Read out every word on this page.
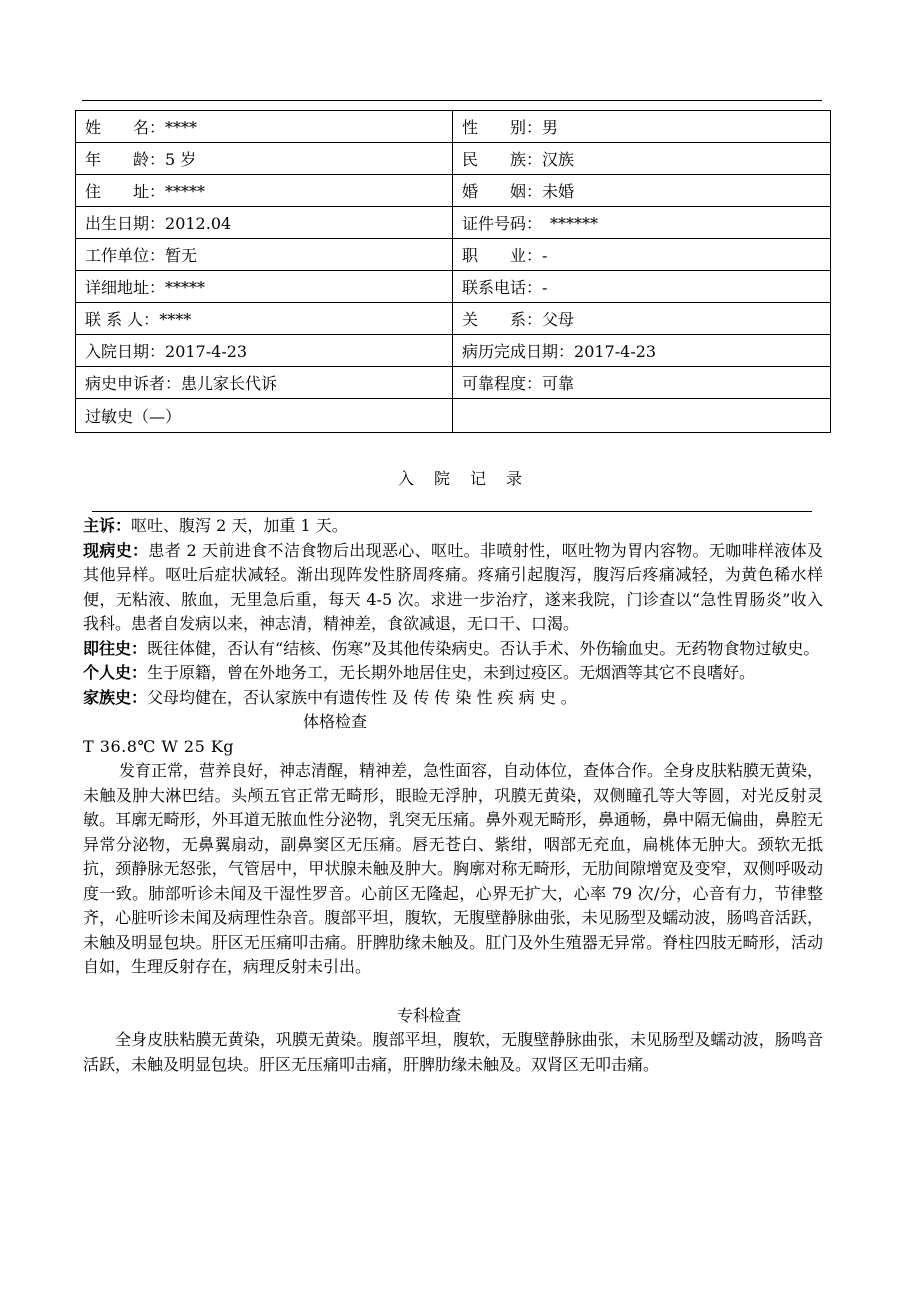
姓　　名：****	性　　别：男
年　　龄：5 岁	民　　族：汉族
住　　址：*****	婚　　姻：未婚
出生日期：2012.04	证件号码：　******
工作单位：暂无	职　　业：-
详细地址：*****	联系电话：-
联 系 人：****	关　　系：父母
入院日期：2017-4-23	病历完成日期：2017-4-23
病史申诉者：患儿家长代诉	可靠程度：可靠
过敏史（—）	
入院记录

主诉：呕吐、腹泻 2 天，加重 1 天。

现病史：患者 2 天前进食不洁食物后出现恶心、呕吐。非喷射性，呕吐物为胃内容物。无咖啡样液体及其他异样。呕吐后症状减轻。渐出现阵发性脐周疼痛。疼痛引起腹泻，腹泻后疼痛减轻，为黄色稀水样便，无粘液、脓血，无里急后重，每天 4-5 次。求进一步治疗，遂来我院，门诊查以“急性胃肠炎”收入我科。患者自发病以来，神志清，精神差，食欲减退，无口干、口渴。

即往史：既往体健，否认有“结核、伤寒”及其他传染病史。否认手术、外伤输血史。无药物食物过敏史。

个人史：生于原籍，曾在外地务工，无长期外地居住史，未到过疫区。无烟酒等其它不良嗜好。

家族史：父母均健在，否认家族中有遗传性 及 传 传 染 性 疾 病 史 。

体格检查

T 36.8℃ W 25 Kg

发育正常，营养良好，神志清醒，精神差，急性面容，自动体位，查体合作。全身皮肤粘膜无黄染，未触及肿大淋巴结。头颅五官正常无畸形，眼睑无浮肿，巩膜无黄染，双侧瞳孔等大等圆，对光反射灵敏。耳廓无畸形，外耳道无脓血性分泌物，乳突无压痛。鼻外观无畸形，鼻通畅，鼻中隔无偏曲，鼻腔无异常分泌物，无鼻翼扇动，副鼻窦区无压痛。唇无苍白、紫绀，咽部无充血，扁桃体无肿大。颈软无抵抗，颈静脉无怒张，气管居中，甲状腺未触及肿大。胸廓对称无畸形，无肋间隙增宽及变窄，双侧呼吸动度一致。肺部听诊未闻及干湿性罗音。心前区无隆起，心界无扩大，心率 79 次/分，心音有力，节律整齐，心脏听诊未闻及病理性杂音。腹部平坦，腹软，无腹壁静脉曲张，未见肠型及蠕动波，肠鸣音活跃，未触及明显包块。肝区无压痛叩击痛。肝脾肋缘未触及。肛门及外生殖器无异常。脊柱四肢无畸形，活动自如，生理反射存在，病理反射未引出。

专科检查

全身皮肤粘膜无黄染，巩膜无黄染。腹部平坦，腹软，无腹壁静脉曲张，未见肠型及蠕动波，肠鸣音活跃，未触及明显包块。肝区无压痛叩击痛，肝脾肋缘未触及。双肾区无叩击痛。
